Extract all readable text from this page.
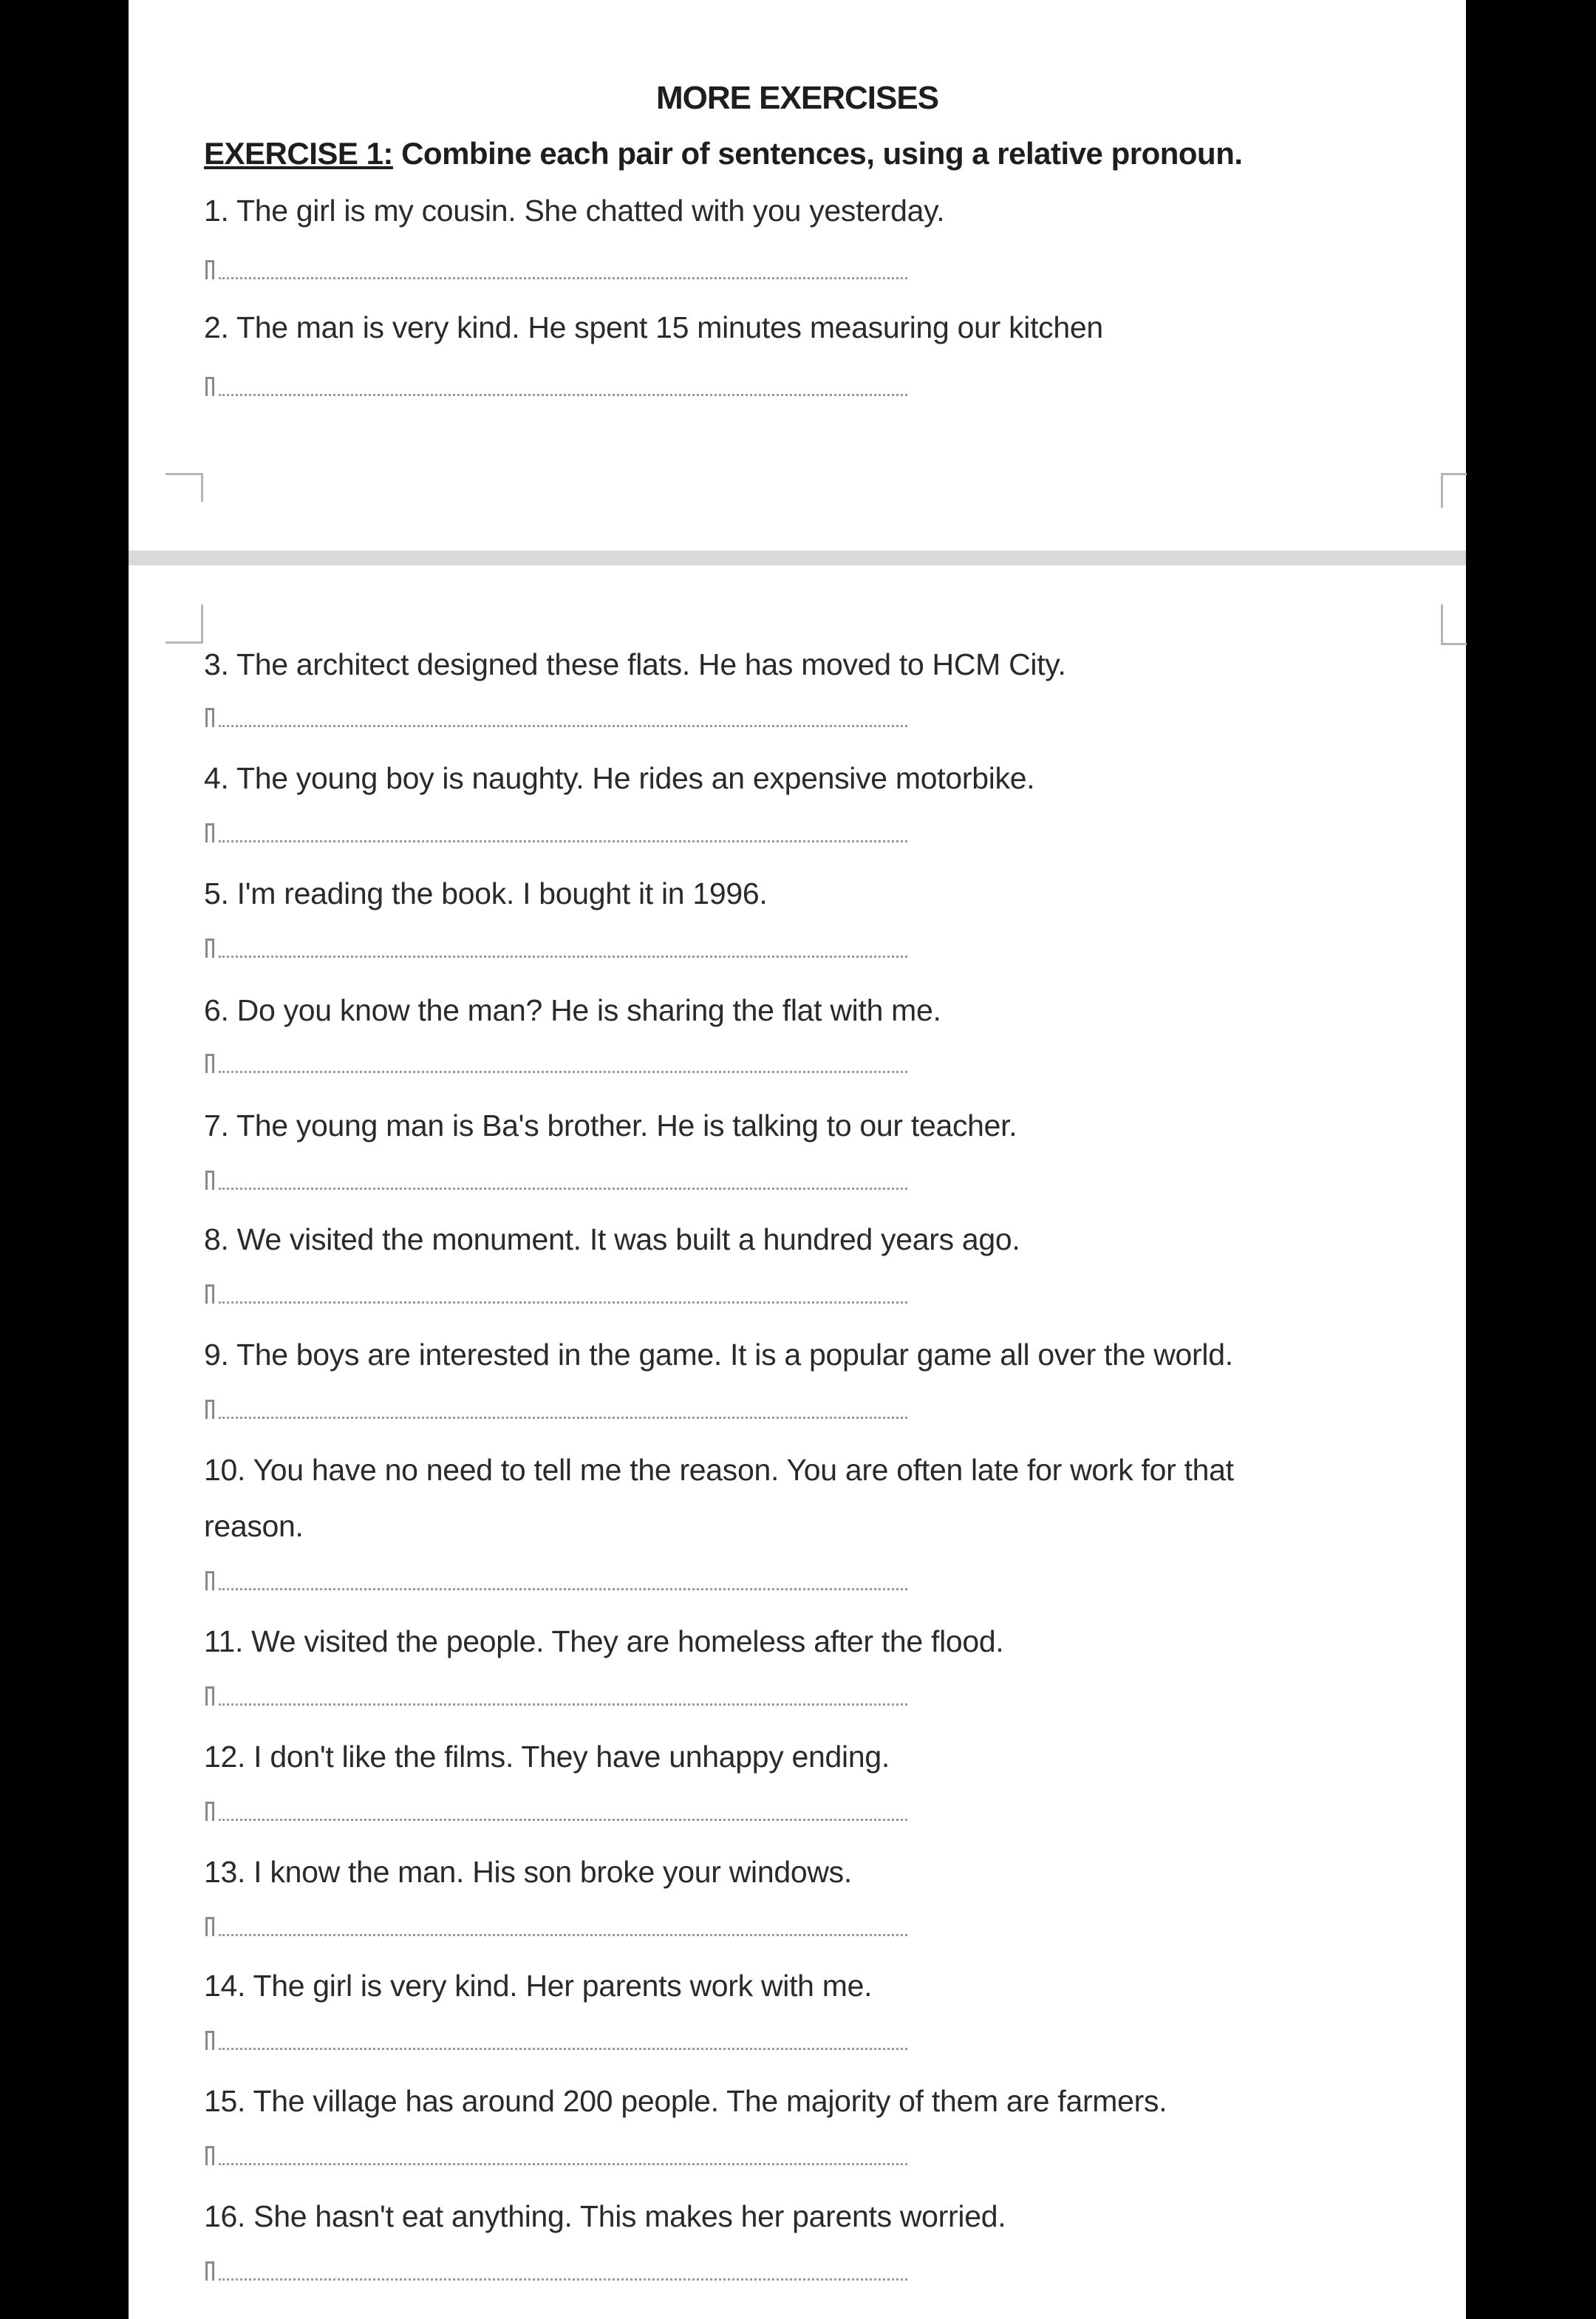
MORE EXERCISES
EXERCISE 1: Combine each pair of sentences, using a relative pronoun.
1. The girl is my cousin. She chatted with you yesterday.
2. The man is very kind. He spent 15 minutes measuring our kitchen
3. The architect designed these flats. He has moved to HCM City.
4. The young boy is naughty. He rides an expensive motorbike.
5. I'm reading the book. I bought it in 1996.
6. Do you know the man? He is sharing the flat with me.
7. The young man is Ba's brother. He is talking to our teacher.
8. We visited the monument. It was built a hundred years ago.
9. The boys are interested in the game. It is a popular game all over the world.
10. You have no need to tell me the reason. You are often late for work for that
reason.
11. We visited the people. They are homeless after the flood.
12. I don't like the films. They have unhappy ending.
13. I know the man. His son broke your windows.
14. The girl is very kind. Her parents work with me.
15. The village has around 200 people. The majority of them are farmers.
16. She hasn't eat anything. This makes her parents worried.
